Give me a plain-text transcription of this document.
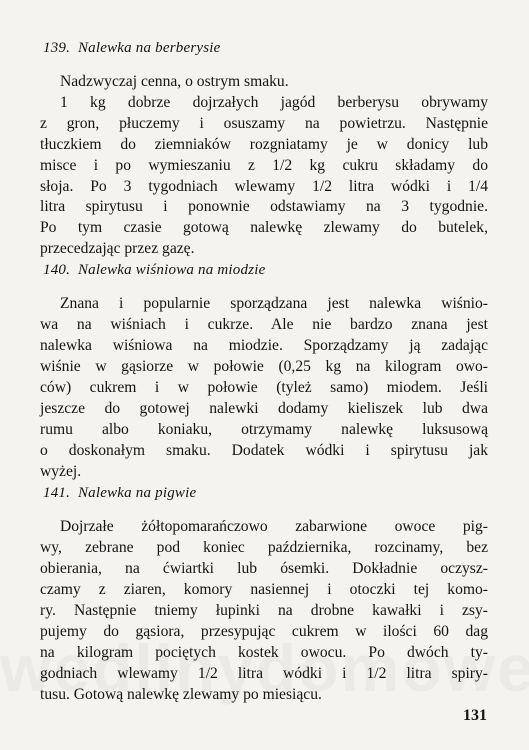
139. Nalewka na berberysie
Nadzwyczaj cenna, o ostrym smaku.
1 kg dobrze dojrzałych jagód berberysu obrywamy
z gron, płuczemy i osuszamy na powietrzu. Następnie
tłuczkiem do ziemniaków rozgniatamy je w donicy lub
misce i po wymieszaniu z 1/2 kg cukru składamy do
słoja. Po 3 tygodniach wlewamy 1/2 litra wódki i 1/4
litra spirytusu i ponownie odstawiamy na 3 tygodnie.
Po tym czasie gotową nalewkę zlewamy do butelek,
przecedzając przez gazę.
140. Nalewka wiśniowa na miodzie
Znana i popularnie sporządzana jest nalewka wiśnio-
wa na wiśniach i cukrze. Ale nie bardzo znana jest
nalewka wiśniowa na miodzie. Sporządzamy ją zadając
wiśnie w gąsiorze w połowie (0,25 kg na kilogram owo-
ców) cukrem i w połowie (tyleż samo) miodem. Jeśli
jeszcze do gotowej nalewki dodamy kieliszek lub dwa
rumu albo koniaku, otrzymamy nalewkę luksusową
o doskonałym smaku. Dodatek wódki i spirytusu jak
wyżej.
141. Nalewka na pigwie
Dojrzałe żółtopomarańczowo zabarwione owoce pig-
wy, zebrane pod koniec października, rozcinamy, bez
obierania, na ćwiartki lub ósemki. Dokładnie oczysz-
czamy z ziaren, komory nasiennej i otoczki tej komo-
ry. Następnie tniemy łupinki na drobne kawałki i zsy-
pujemy do gąsiora, przesypując cukrem w ilości 60 dag
na kilogram pociętych kostek owocu. Po dwóch ty-
godniach wlewamy 1/2 litra wódki i 1/2 litra spiry-
tusu. Gotową nalewkę zlewamy po miesiącu.
131
